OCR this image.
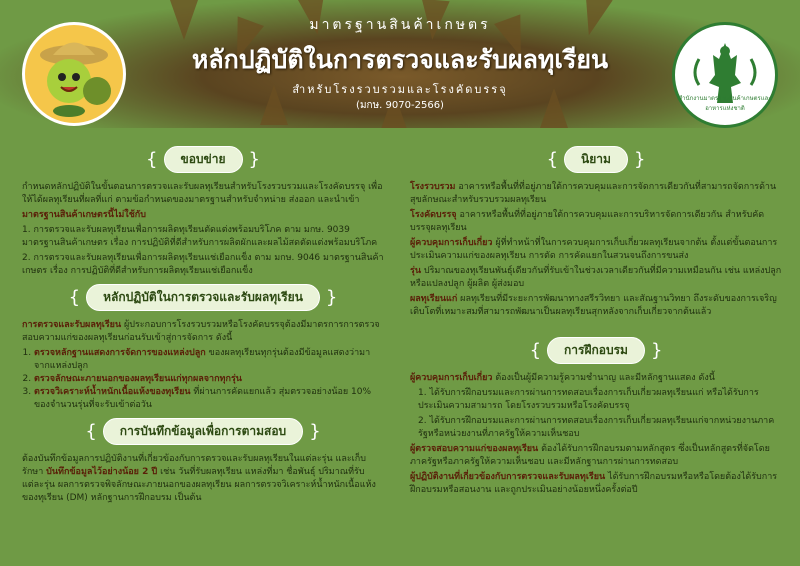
มาตรฐานสินค้าเกษตร
หลักปฏิบัติในการตรวจและรับผลทุเรียน
สำหรับโรงรวบรวมและโรงคัดบรรจุ
(มกษ. 9070-2566)
สำนักงานมาตรฐานสินค้าเกษตรและอาหารแห่งชาติ
{	ขอบข่าย	}

กำหนดหลักปฏิบัติในขั้นตอนการตรวจและรับผลทุเรียนสำหรับโรงรวบรวมและโรงคัดบรรจุ เพื่อให้ได้ผลทุเรียนที่ผลที่แก่ ตามข้อกำหนดของมาตรฐานสำหรับจำหน่าย ส่งออก และนำเข้า

มาตรฐานสินค้าเกษตรนี้ไม่ใช้กับ

1. การตรวจและรับผลทุเรียนเพื่อการผลิตทุเรียนตัดแต่งพร้อมบริโภค ตาม มกษ. 9039 มาตรฐานสินค้าเกษตร เรื่อง การปฏิบัติที่ดีสำหรับการผลิตผักและผลไม้สดตัดแต่งพร้อมบริโภค

2. การตรวจและรับผลทุเรียนเพื่อการผลิตทุเรียนแช่เยือกแข็ง ตาม มกษ. 9046 มาตรฐานสินค้าเกษตร เรื่อง การปฏิบัติที่ดีสำหรับการผลิตทุเรียนแช่เยือกแข็ง

{	หลักปฏิบัติในการตรวจและรับผลทุเรียน	}

การตรวจและรับผลทุเรียน ผู้ประกอบการโรงรวบรวมหรือโรงคัดบรรจุต้องมีมาตรการการตรวจสอบความแก่ของผลทุเรียนก่อนรับเข้าสู่การจัดการ ดังนี้

1. ตรวจหลักฐานแสดงการจัดการของแหล่งปลูก ของผลทุเรียนทุกรุ่นต้องมีข้อมูลแสดงว่ามาจากแหล่งปลูก
2. ตรวจลักษณะภายนอกของผลทุเรียนแก่ทุกผลจากทุกรุ่น
3. ตรวจวิเคราะห์น้ำหนักเนื้อแห้งของทุเรียน ที่ผ่านการคัดแยกแล้ว สุ่มตรวจอย่างน้อย 10% ของจำนวนรุ่นที่จะรับเข้าต่อวัน
{	การบันทึกข้อมูลเพื่อการตามสอบ	}

ต้องบันทึกข้อมูลการปฏิบัติงานที่เกี่ยวข้องกับการตรวจและรับผลทุเรียนในแต่ละรุ่น และเก็บรักษา บันทึกข้อมูลไว้อย่างน้อย 2 ปี เช่น วันที่รับผลทุเรียน แหล่งที่มา ชื่อพันธุ์ ปริมาณที่รับแต่ละรุ่น ผลการตรวจพิจลักษณะภายนอกของผลทุเรียน ผลการตรวจวิเคราะห์น้ำหนักเนื้อแห้งของทุเรียน (DM) หลักฐานการฝึกอบรม เป็นต้น

{	นิยาม	}

โรงรวบรวม อาคารหรือพื้นที่ที่อยู่ภายใต้การควบคุมและการจัดการเดียวกันที่สามารถจัดการด้านสุขลักษณะสำหรับรวบรวมผลทุเรียน

โรงคัดบรรจุ อาคารหรือพื้นที่ที่อยู่ภายใต้การควบคุมและการบริหารจัดการเดียวกัน สำหรับคัดบรรจุผลทุเรียน

ผู้ควบคุมการเก็บเกี่ยว ผู้ที่ทำหน้าที่ในการควบคุมการเก็บเกี่ยวผลทุเรียนจากต้น ตั้งแต่ขั้นตอนการประเมินความแก่ของผลทุเรียน การตัด การคัดแยกในสวนจนถึงการขนส่ง

รุ่น ปริมาณของทุเรียนพันธุ์เดียวกันที่รับเข้าในช่วงเวลาเดียวกันที่มีความเหมือนกัน เช่น แหล่งปลูกหรือแปลงปลูก ผู้ผลิต ผู้ส่งมอบ

ผลทุเรียนแก่ ผลทุเรียนที่มีระยะการพัฒนาทางสรีรวิทยา และสัณฐานวิทยา ถึงระดับของการเจริญเติบโตที่เหมาะสมที่สามารถพัฒนาเป็นผลทุเรียนสุกหลังจากเก็บเกี่ยวจากต้นแล้ว

{	การฝึกอบรม	}

ผู้ควบคุมการเก็บเกี่ยว ต้องเป็นผู้มีความรู้ความชำนาญ และมีหลักฐานแสดง ดังนี้

1. ได้รับการฝึกอบรมและการผ่านการทดสอบเรื่องการเก็บเกี่ยวผลทุเรียนแก่ หรือได้รับการประเมินความสามารถ โดยโรงรวบรวมหรือโรงคัดบรรจุ

2. ได้รับการฝึกอบรมและการผ่านการทดสอบเรื่องการเก็บเกี่ยวผลทุเรียนแก่จากหน่วยงานภาครัฐหรือหน่วยงานที่ภาครัฐให้ความเห็นชอบ

ผู้ตรวจสอบความแก่ของผลทุเรียน ต้องได้รับการฝึกอบรมตามหลักสูตร ซึ่งเป็นหลักสูตรที่จัดโดยภาครัฐหรือภาครัฐให้ความเห็นชอบ และมีหลักฐานการผ่านการทดสอบ

ผู้ปฏิบัติงานที่เกี่ยวข้องกับการตรวจและรับผลทุเรียน ได้รับการฝึกอบรมหรือหรือโดยต้องได้รับการฝึกอบรมหรือสอนงาน และถูกประเมินอย่างน้อยหนึ่งครั้งต่อปี
